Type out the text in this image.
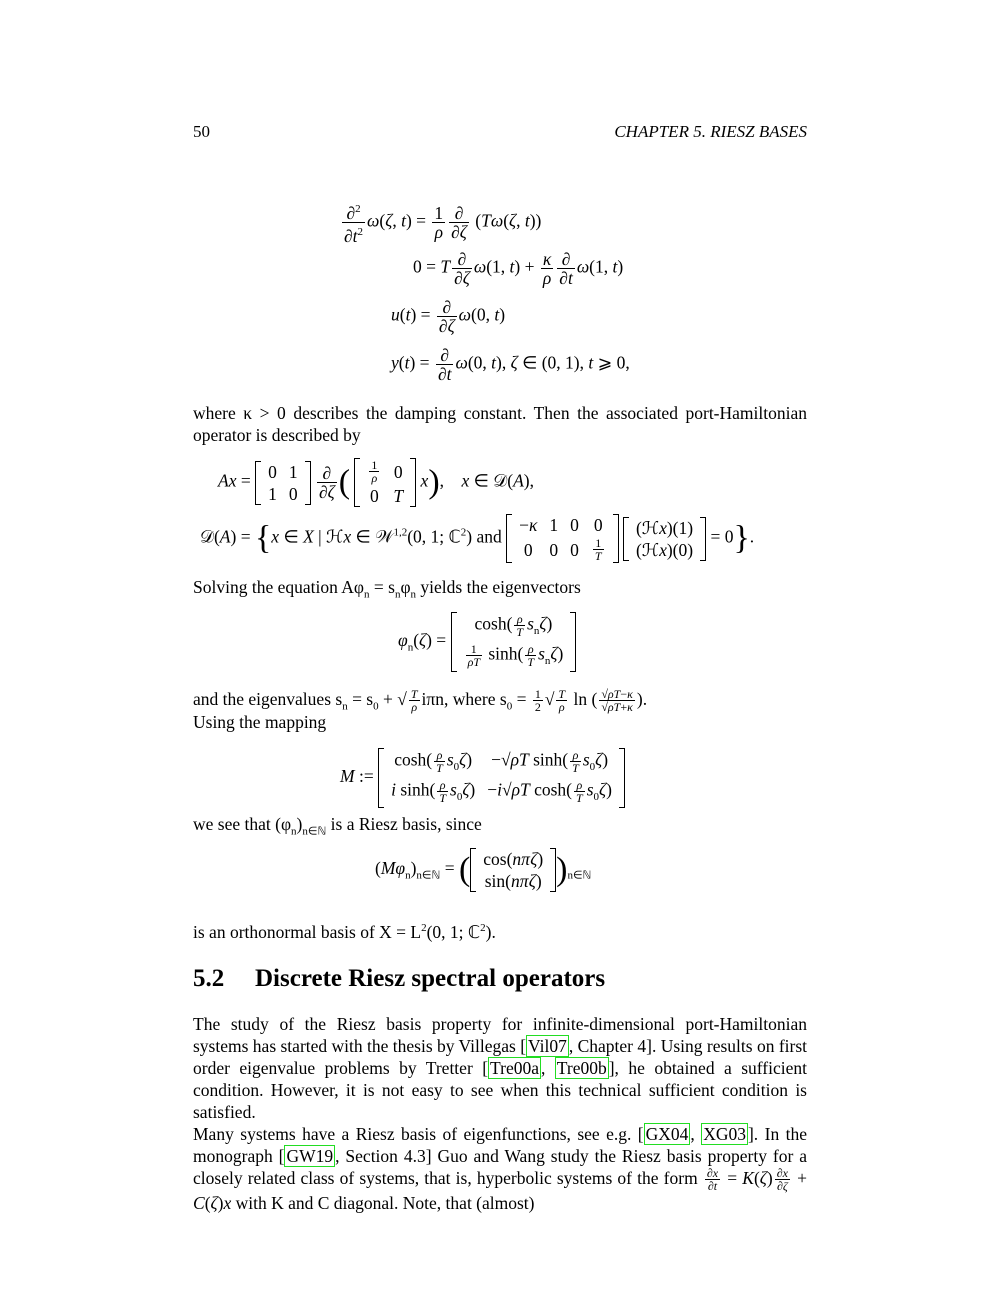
50	CHAPTER 5. RIESZ BASES
$\frac{\partial^2}{\partial t^2} \omega(\zeta$, $t) = \frac{1}{\rho} \frac{\partial}{\partial\zeta} (T\omega(\zeta$, t))
0 = T $\frac{\partial}{\partial\zeta} \omega(1$, $t) + \frac{\kappa}{\rho} \frac{\partial}{\partial t} \omega(1$, t)
$u(t) = \frac{\partial}{\partial\zeta} \omega(0$, t)
$y(t) = \frac{\partial}{\partial t} \omega(0$, t), ζ ∈ (0, 1), t ⩾ 0,
where κ > 0 describes the damping constant. Then the associated port-Hamiltonian operator is described by
Ax = 0	1
1	0
$\frac{\partial}{\partial\zeta}$ ( $\frac{1}{\rho}$	0
0	T
x),    x ∈ 𝒟(A),
𝒟(A) = {x ∈ X | ℋx ∈ 𝒲$^{1,2}$(0, 1; ℂ$^2$) and
−κ	1	0	0
0	0	0	$\frac{1}{T}$

(ℋx)(1)
(ℋx)(0)
= 0}.
Solving the equation $A\varphi_n = s_n\varphi_n$ yields the eigenvectors
$\varphi_n(\zeta)$ =
$\cosh( \frac{\rho}{T} s_n\zeta)$

$\frac{1}{\rho T} \sinh( \frac{\rho}{T} s_n\zeta)$
and the eigenvalues $s_n = s_0$ + √ $\frac{T}{\rho} i\pi n$, where $s_0 = \frac{1}{2}$ √ $\frac{T}{\rho}$ ln ( $\frac{√\rho T-\kappa}{√\rho T+\kappa}$ ).
Using the mapping
M :=
$\cosh( \frac{\rho}{T} s_0\zeta)$	−√ρT $\sinh( \frac{\rho}{T} s_0\zeta)$
i $\sinh( \frac{\rho}{T} s_0\zeta)$	−i√ρT $\cosh( \frac{\rho}{T} s_0\zeta)$
we see that $(\varphi_n)_{n\in ℕ}$ is a Riesz basis, since
$(M\varphi_n)_{n\in ℕ}$ = ( cos(nπζ)
sin(nπζ) )$_{n\in ℕ}$
is an orthonormal basis of $X = L^2(0$, 1; ℂ$^2$).
5.2 Discrete Riesz spectral operators
The study of the Riesz basis property for infinite-dimensional port-Hamiltonian systems has started with the thesis by Villegas [ Vil07 , Chapter 4]. Using results on first order eigenvalue problems by Tretter [ Tre00a , Tre00b ], he obtained a sufficient condition. However, it is not easy to see when this technical sufficient condition is satisfied.
Many systems have a Riesz basis of eigenfunctions, see e.g. [ GX04 , XG03 ]. In the monograph [ GW19 , Section 4.3] Guo and Wang study the Riesz basis property for a closely related class of systems, that is, hyperbolic systems of the form $\frac{\partial x}{\partial t} = K(\zeta) \frac{\partial x}{\partial\zeta} + C(\zeta)x$ with K and C diagonal. Note, that (almost)
